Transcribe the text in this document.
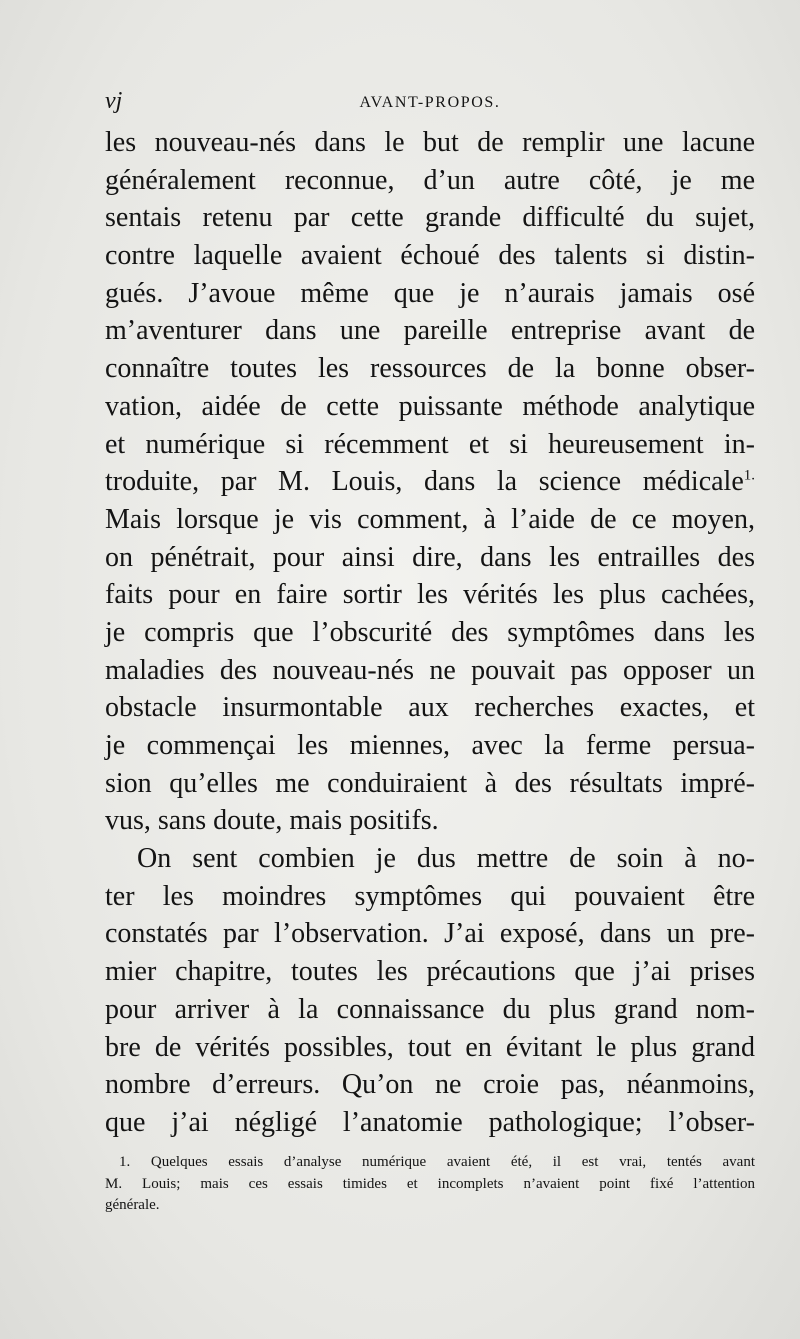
vj	AVANT-PROPOS.
les nouveau-nés dans le but de remplir une lacune
généralement reconnue, d’un autre côté, je me
sentais retenu par cette grande difficulté du sujet,
contre laquelle avaient échoué des talents si distin-
gués. J’avoue même que je n’aurais jamais osé
m’aventurer dans une pareille entreprise avant de
connaître toutes les ressources de la bonne obser-
vation, aidée de cette puissante méthode analytique
et numérique si récemment et si heureusement in-
troduite, par M. Louis, dans la science médicale$^{1.}$
Mais lorsque je vis comment, à l’aide de ce moyen,
on pénétrait, pour ainsi dire, dans les entrailles des
faits pour en faire sortir les vérités les plus cachées,
je compris que l’obscurité des symptômes dans les
maladies des nouveau-nés ne pouvait pas opposer un
obstacle insurmontable aux recherches exactes, et
je commençai les miennes, avec la ferme persua-
sion qu’elles me conduiraient à des résultats impré-
vus, sans doute, mais positifs.
On sent combien je dus mettre de soin à no-
ter les moindres symptômes qui pouvaient être
constatés par l’observation. J’ai exposé, dans un pre-
mier chapitre, toutes les précautions que j’ai prises
pour arriver à la connaissance du plus grand nom-
bre de vérités possibles, tout en évitant le plus grand
nombre d’erreurs. Qu’on ne croie pas, néanmoins,
que j’ai négligé l’anatomie pathologique; l’obser-
1. Quelques essais d’analyse numérique avaient été, il est vrai, tentés avant
M. Louis; mais ces essais timides et incomplets n’avaient point fixé l’attention
générale.
